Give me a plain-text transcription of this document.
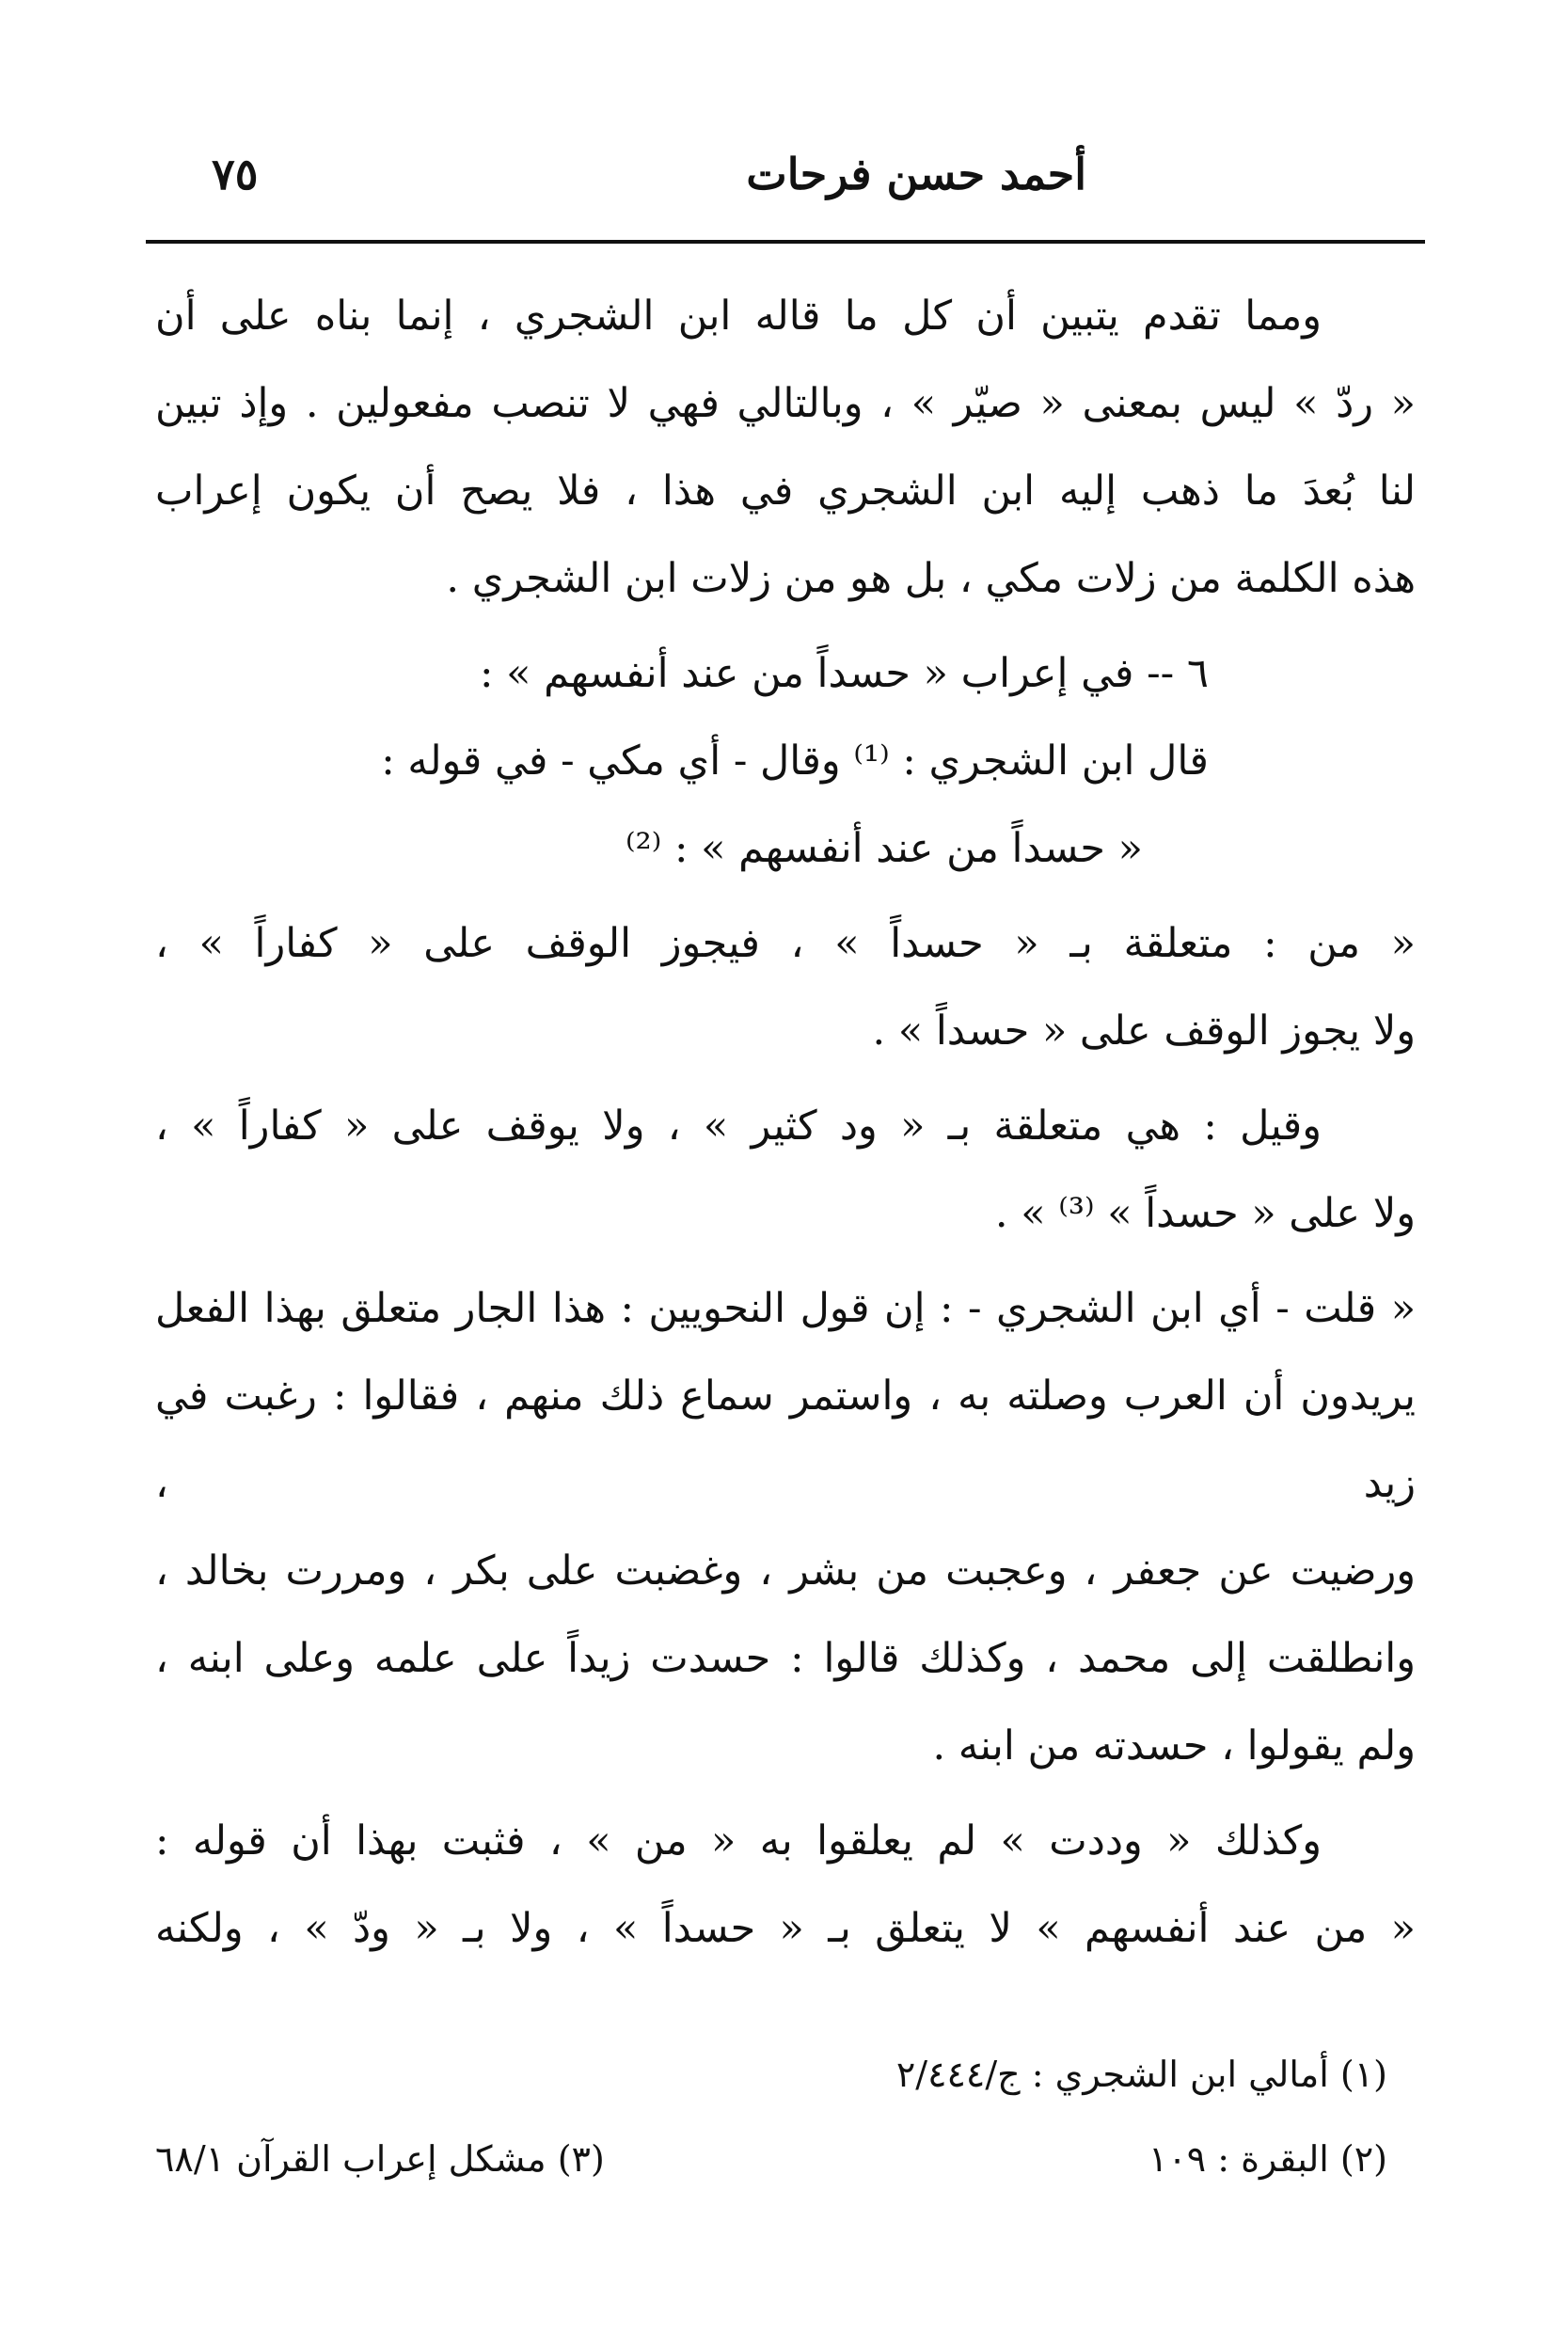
أحمد حسن فرحات
٧٥

ومما تقدم يتبين أن كل ما قاله ابن الشجري ، إنما بناه على أن
« ردّ » ليس بمعنى « صيّر » ، وبالتالي فهي لا تنصب مفعولين . وإذ تبين
لنا بُعدَ ما ذهب إليه ابن الشجري في هذا ، فلا يصح أن يكون إعراب
هذه الكلمة من زلات مكي ، بل هو من زلات ابن الشجري .

٦ -- في إعراب « حسداً من عند أنفسهم » :

قال ابن الشجري : ⁽¹⁾ وقال - أي مكي - في قوله :

« حسداً من عند أنفسهم » : ⁽²⁾

« من : متعلقة بـ « حسداً » ، فيجوز الوقف على « كفاراً » ،
ولا يجوز الوقف على « حسداً » .

وقيل : هي متعلقة بـ « ود كثير » ، ولا يوقف على « كفاراً » ،
ولا على « حسداً » ⁽³⁾ » .

« قلت - أي ابن الشجري - : إن قول النحويين : هذا الجار متعلق بهذا الفعل
يريدون أن العرب وصلته به ، واستمر سماع ذلك منهم ، فقالوا : رغبت في زيد ،
ورضيت عن جعفر ، وعجبت من بشر ، وغضبت على بكر ، ومررت بخالد ،
وانطلقت إلى محمد ، وكذلك قالوا : حسدت زيداً على علمه وعلى ابنه ،
ولم يقولوا ، حسدته من ابنه .

وكذلك « وددت » لم يعلقوا به « من » ، فثبت بهذا أن قوله :
« من عند أنفسهم » لا يتعلق بـ « حسداً » ، ولا بـ « ودّ » ، ولكنه

(١) أمالي ابن الشجري : ج/٢/٤٤٤
(٢) البقرة : ١٠٩
(٣) مشكل إعراب القرآن ٦٨/١
